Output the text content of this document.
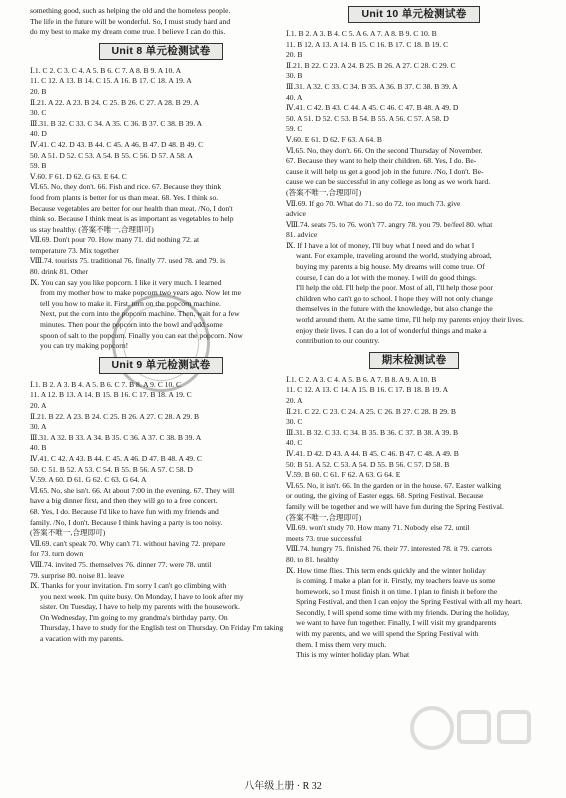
something good, such as helping the old and the homeless people.
The life in the future will be wonderful. So, I must study hard and
do my best to make my dream come true. I believe I can do this.
Unit 8 单元检测试卷
Ⅰ.1. C 2. C 3. C 4. A 5. B 6. C 7. A 8. B 9. A 10. A
11. C 12. A 13. B 14. C 15. A 16. B 17. C 18. A 19. A
20. B
Ⅱ.21. A 22. A 23. B 24. C 25. B 26. C 27. A 28. B 29. A
30. C
Ⅲ.31. B 32. C 33. C 34. A 35. C 36. B 37. C 38. B 39. A
40. D
Ⅳ.41. C 42. D 43. B 44. C 45. A 46. B 47. D 48. B 49. C
50. A 51. D 52. C 53. A 54. B 55. C 56. D 57. A 58. A
59. B
Ⅴ.60. F 61. D 62. G 63. E 64. C
Ⅵ.65. No, they don't. 66. Fish and rice. 67. Because they think
food from plants is better for us than meat. 68. Yes. I think so.
Because vegetables are better for our health than meat. /No, I don't
think so. Because I think meat is as important as vegetables to help
us stay healthy. (答案不唯一,合理即可)
Ⅶ.69. Don't pour 70. How many 71. did nothing 72. at
temperature 73. Mix together
Ⅷ.74. tourists 75. traditional 76. finally 77. used 78. and 79. is
80. drink 81. Other
Ⅸ. You can say you like popcorn. I like it very much. I learned
from my mother how to make popcorn two years ago. Now let me
tell you how to make it. First, turn on the popcorn machine.
Next, put the corn into the popcorn machine. Then, wait for a few
minutes. Then pour the popcorn into the bowl and add some
spoon of salt to the popcorn. Finally you can eat the popcorn. Now
you can try making popcorn!
Unit 9 单元检测试卷
Ⅰ.1. B 2. A 3. B 4. A 5. B 6. C 7. B 8. A 9. C 10. C
11. A 12. B 13. A 14. B 15. B 16. C 17. B 18. A 19. C
20. A
Ⅱ.21. B 22. A 23. B 24. C 25. B 26. A 27. C 28. A 29. B
30. A
Ⅲ.31. A 32. B 33. A 34. B 35. C 36. A 37. C 38. B 39. A
40. B
Ⅳ.41. C 42. A 43. B 44. C 45. A 46. D 47. B 48. A 49. C
50. C 51. B 52. A 53. C 54. B 55. B 56. A 57. C 58. D
Ⅴ.59. A 60. D 61. G 62. C 63. G 64. A
Ⅵ.65. No, she isn't. 66. At about 7:00 in the evening. 67. They will
have a big dinner first, and then they will go to a free concert.
68. Yes, I do. Because I'd like to have fun with my friends and
family. /No, I don't. Because I think having a party is too noisy.
(答案不唯一,合理即可)
Ⅶ.69. can't speak 70. Why can't 71. without having 72. prepare
for 73. turn down
Ⅷ.74. invited 75. themselves 76. dinner 77. were 78. until
79. surprise 80. noise 81. leave
Ⅸ. Thanks for your invitation. I'm sorry I can't go climbing with
you next week. I'm quite busy. On Monday, I have to look after my
sister. On Tuesday, I have to help my parents with the housework.
On Wednesday, I'm going to my grandma's birthday party. On
Thursday, I have to study for the English test on Thursday. On Friday I'm taking
a vacation with my parents.
Unit 10 单元检测试卷
Ⅰ.1. B 2. A 3. B 4. C 5. A 6. A 7. A 8. B 9. C 10. B
11. B 12. A 13. A 14. B 15. C 16. B 17. C 18. B 19. C
20. B
Ⅱ.21. B 22. C 23. A 24. B 25. B 26. A 27. C 28. C 29. C
30. B
Ⅲ.31. A 32. C 33. C 34. B 35. A 36. B 37. C 38. B 39. A
40. A
Ⅳ.41. C 42. B 43. C 44. A 45. C 46. C 47. B 48. A 49. D
50. A 51. D 52. C 53. B 54. B 55. A 56. C 57. A 58. D
59. C
Ⅴ.60. E 61. D 62. F 63. A 64. B
Ⅵ.65. No, they don't. 66. On the second Thursday of November.
67. Because they want to help their children. 68. Yes, I do. Be-
cause it will help us get a good job in the future. /No, I don't. Be-
cause we can be successful in any college as long as we work hard.
(答案不唯一,合理即可)
Ⅶ.69. If go 70. What do 71. so do 72. too much 73. give
advice
Ⅷ.74. seats 75. to 76. won't 77. angry 78. you 79. be/feel 80. what
81. advice
Ⅸ. If I have a lot of money, I'll buy what I need and do what I
want. For example, traveling around the world, studying abroad,
buying my parents a big house. My dreams will come true. Of
course, I can do a lot with the money. I will do good things.
I'll help the old. I'll help the poor. Most of all, I'll help those poor
children who can't go to school. I hope they will not only change
themselves in the future with the knowledge, but also change the
world around them. At the same time, I'll help my parents enjoy their lives.
enjoy their lives. I can do a lot of wonderful things and make a
contribution to our country.
期末检测试卷
Ⅰ.1. C 2. A 3. C 4. A 5. B 6. A 7. B 8. A 9. A 10. B
11. C 12. A 13. C 14. A 15. B 16. C 17. B 18. B 19. A
20. A
Ⅱ.21. C 22. C 23. C 24. A 25. C 26. B 27. C 28. B 29. B
30. C
Ⅲ.31. B 32. C 33. C 34. B 35. B 36. C 37. B 38. A 39. B
40. C
Ⅳ.41. D 42. D 43. A 44. B 45. C 46. B 47. C 48. A 49. B
50. B 51. A 52. C 53. A 54. D 55. B 56. C 57. D 58. B
Ⅴ.59. B 60. C 61. F 62. A 63. G 64. E
Ⅵ.65. No, it isn't. 66. In the garden or in the house. 67. Easter walking
or outing, the giving of Easter eggs. 68. Spring Festival. Because
family will be together and we will have fun during the Spring Festival.
(答案不唯一,合理即可)
Ⅶ.69. won't study 70. How many 71. Nobody else 72. until
meets 73. true successful
Ⅷ.74. hungry 75. finished 76. their 77. interested 78. it 79. carrots
80. to 81. healthy
Ⅸ. How time flies. This term ends quickly and the winter holiday
is coming. I make a plan for it. Firstly, my teachers leave us some
homework, so I must finish it on time. I plan to finish it before the
Spring Festival, and then I can enjoy the Spring Festival with all my heart.
Secondly, I will spend some time with my friends. During the holiday,
we want to have fun together. Finally, I will visit my grandparents
with my parents, and we will spend the Spring Festival with
them. I miss them very much.
This is my winter holiday plan. What
八年级上册 · R 32
